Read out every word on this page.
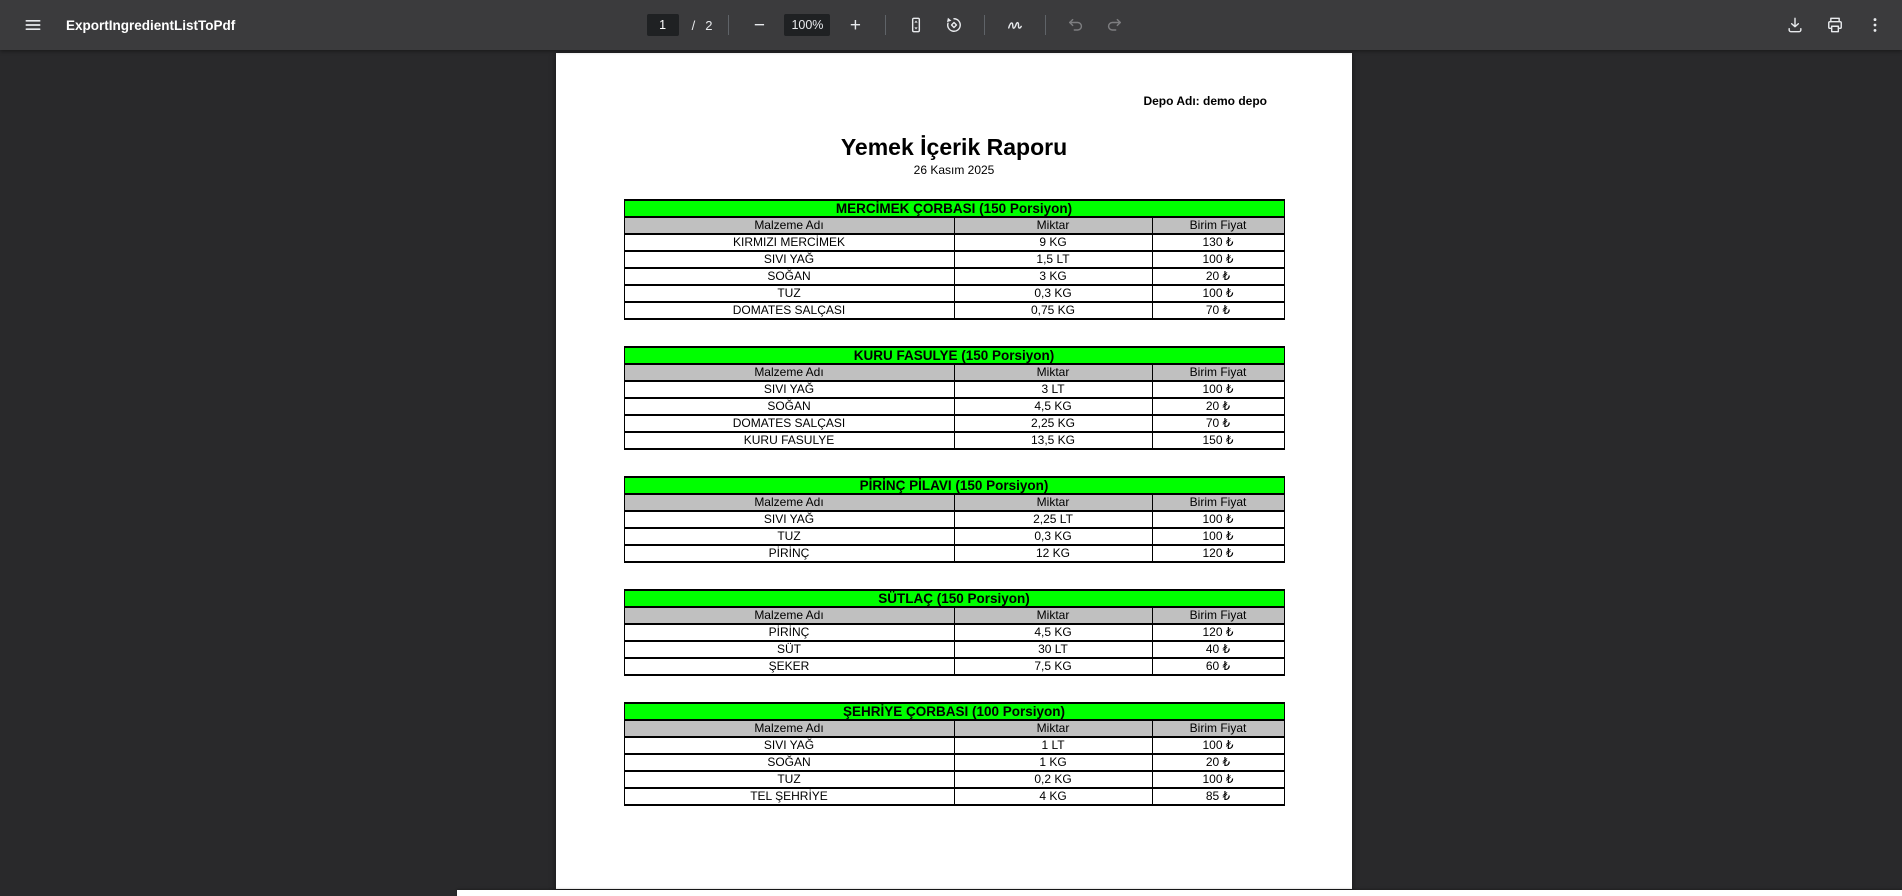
ExportIngredientListToPdf
1	/ 2	−	100%	+
Depo Adı: demo depo
Yemek İçerik Raporu
26 Kasım 2025
MERCİMEK ÇORBASI (150 Porsiyon)		
Malzeme Adı	Miktar	Birim Fiyat
KIRMIZI MERCİMEK	9 KG	130 ₺
SIVI YAĞ	1,5 LT	100 ₺
SOĞAN	3 KG	20 ₺
TUZ	0,3 KG	100 ₺
DOMATES SALÇASI	0,75 KG	70 ₺
KURU FASULYE (150 Porsiyon)		
Malzeme Adı	Miktar	Birim Fiyat
SIVI YAĞ	3 LT	100 ₺
SOĞAN	4,5 KG	20 ₺
DOMATES SALÇASI	2,25 KG	70 ₺
KURU FASULYE	13,5 KG	150 ₺
PİRİNÇ PİLAVI (150 Porsiyon)		
Malzeme Adı	Miktar	Birim Fiyat
SIVI YAĞ	2,25 LT	100 ₺
TUZ	0,3 KG	100 ₺
PİRİNÇ	12 KG	120 ₺
SÜTLAÇ (150 Porsiyon)		
Malzeme Adı	Miktar	Birim Fiyat
PİRİNÇ	4,5 KG	120 ₺
SÜT	30 LT	40 ₺
ŞEKER	7,5 KG	60 ₺
ŞEHRİYE ÇORBASI (100 Porsiyon)		
Malzeme Adı	Miktar	Birim Fiyat
SIVI YAĞ	1 LT	100 ₺
SOĞAN	1 KG	20 ₺
TUZ	0,2 KG	100 ₺
TEL ŞEHRİYE	4 KG	85 ₺
